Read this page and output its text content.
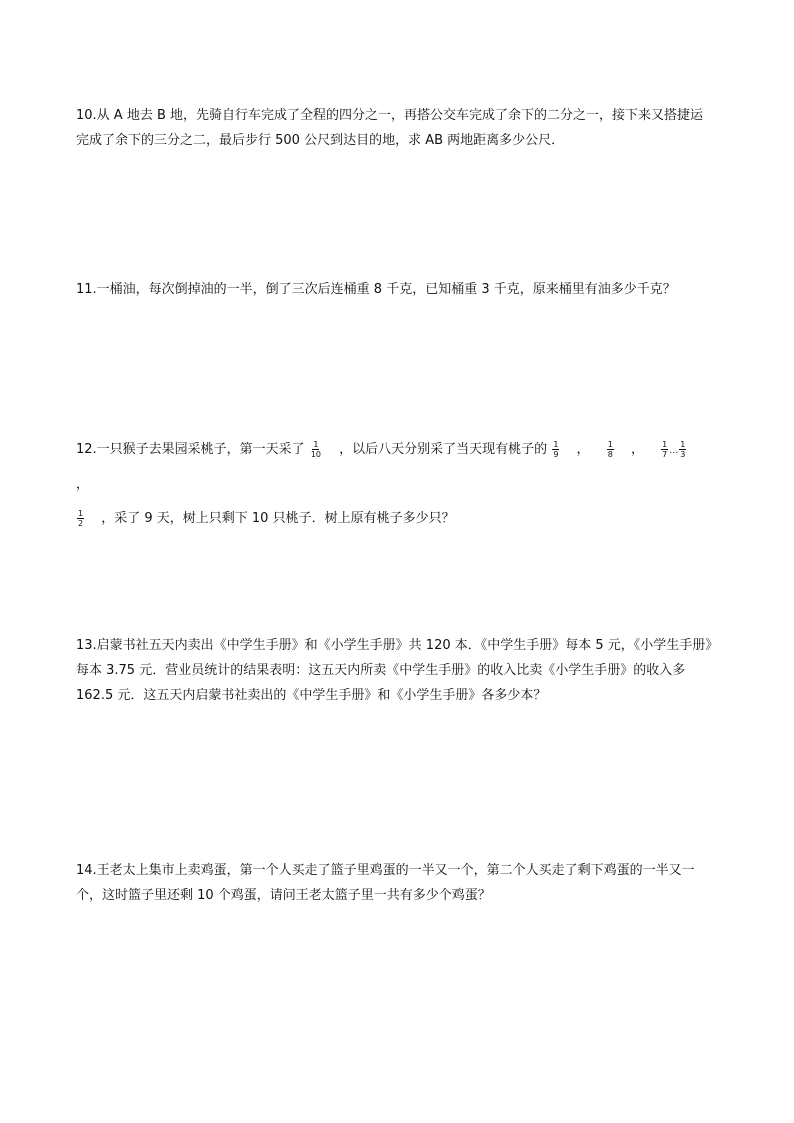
10.从 A 地去 B 地，先骑自行车完成了全程的四分之一，再搭公交车完成了余下的二分之一，接下来又搭捷运完成了余下的三分之二，最后步行 500 公尺到达目的地，求 AB 两地距离多少公尺．

11.一桶油，每次倒掉油的一半，倒了三次后连桶重 8 千克，已知桶重 3 千克，原来桶里有油多少千克？

12.一只猴子去果园采桃子，第一天采了 $\frac{1}{10}$ ，以后八天分别采了当天现有桃子的 $\frac{1}{9}$ ， $\frac{1}{8}$ ， $\frac{1}{7}$ … $\frac{1}{3}$
，

$\frac{1}{2}$ ，采了 9 天，树上只剩下 10 只桃子．树上原有桃子多少只？

13.启蒙书社五天内卖出《中学生手册》和《小学生手册》共 120 本．《中学生手册》每本 5 元，《小学生手册》每本 3.75 元．营业员统计的结果表明：这五天内所卖《中学生手册》的收入比卖《小学生手册》的收入多 162.5 元．这五天内启蒙书社卖出的《中学生手册》和《小学生手册》各多少本？

14.王老太上集市上卖鸡蛋，第一个人买走了篮子里鸡蛋的一半又一个，第二个人买走了剩下鸡蛋的一半又一个，这时篮子里还剩 10 个鸡蛋，请问王老太篮子里一共有多少个鸡蛋？
